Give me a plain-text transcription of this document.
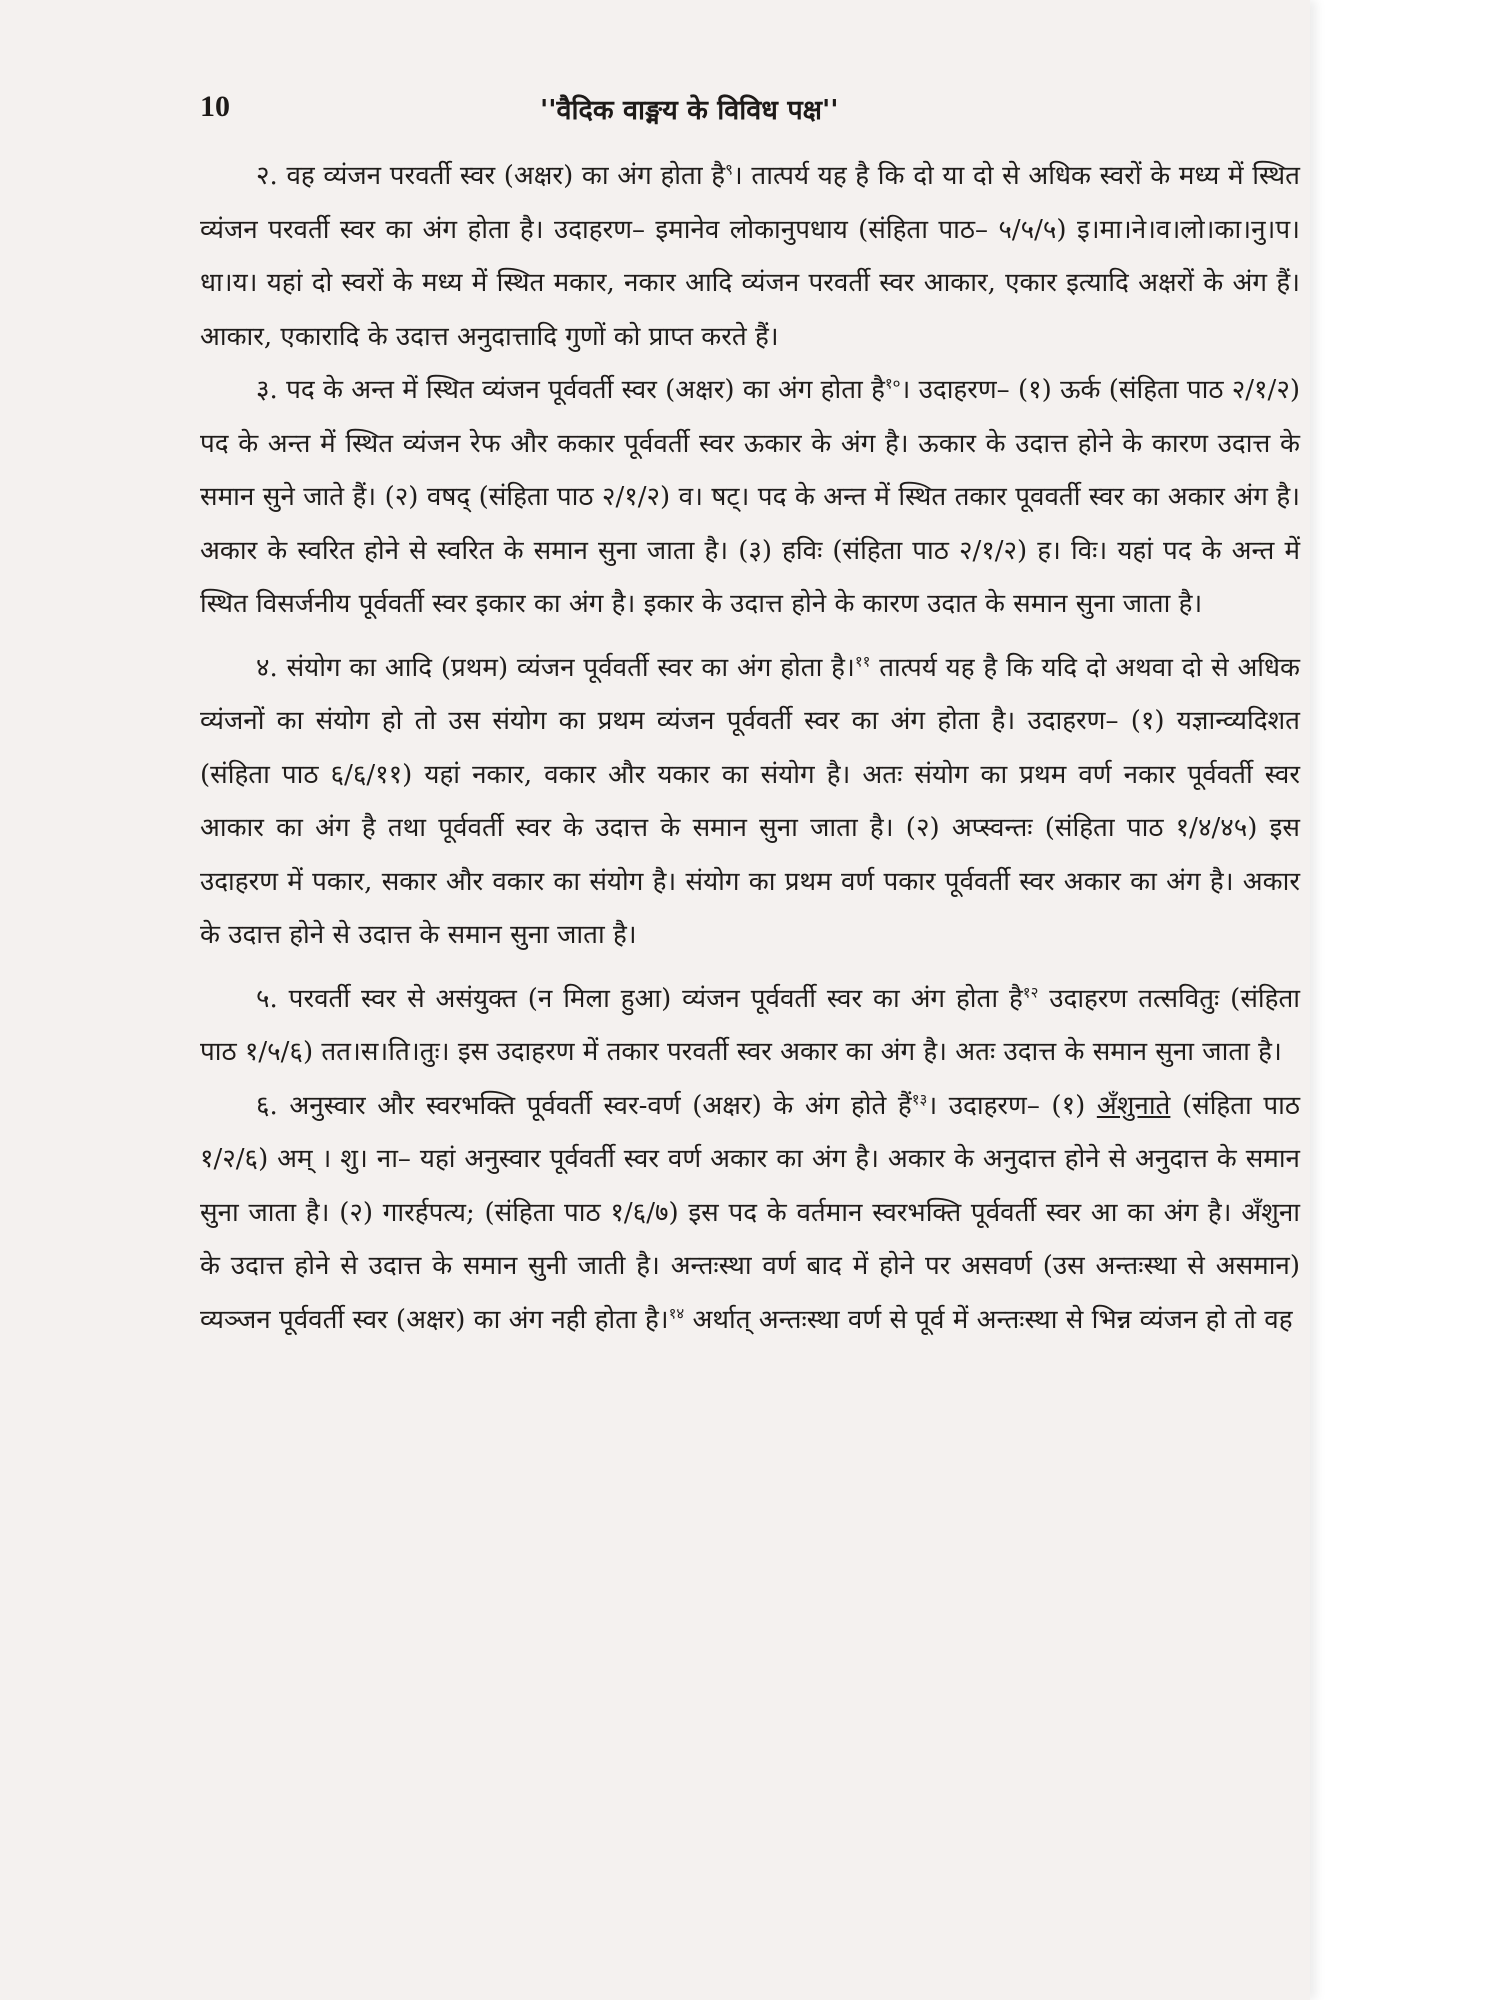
10	''वैदिक वाङ्मय के विविध पक्ष''

२. वह व्यंजन परवर्ती स्वर (अक्षर) का अंग होता है$^९$। तात्पर्य यह है कि दो या दो से अधिक स्वरों के मध्य में स्थित व्यंजन परवर्ती स्वर का अंग होता है। उदाहरण– इमानेव लोकानुपधाय (संहिता पाठ– ५/५/५) इ।मा।ने।व।लो।का।नु।प।धा।य। यहां दो स्वरों के मध्य में स्थित मकार, नकार आदि व्यंजन परवर्ती स्वर आकार, एकार इत्यादि अक्षरों के अंग हैं। आकार, एकारादि के उदात्त अनुदात्तादि गुणों को प्राप्त करते हैं।

३. पद के अन्त में स्थित व्यंजन पूर्ववर्ती स्वर (अक्षर) का अंग होता है$^{१०}$। उदाहरण– (१) ऊर्क (संहिता पाठ २/१/२) पद के अन्त में स्थित व्यंजन रेफ और ककार पूर्ववर्ती स्वर ऊकार के अंग है। ऊकार के उदात्त होने के कारण उदात्त के समान सुने जाते हैं। (२) वषद् (संहिता पाठ २/१/२) व। षट्। पद के अन्त में स्थित तकार पूववर्ती स्वर का अकार अंग है। अकार के स्वरित होने से स्वरित के समान सुना जाता है। (३) हविः (संहिता पाठ २/१/२) ह। विः। यहां पद के अन्त में स्थित विसर्जनीय पूर्ववर्ती स्वर इकार का अंग है। इकार के उदात्त होने के कारण उदात के समान सुना जाता है।

४. संयोग का आदि (प्रथम) व्यंजन पूर्ववर्ती स्वर का अंग होता है।$^{११}$ तात्पर्य यह है कि यदि दो अथवा दो से अधिक व्यंजनों का संयोग हो तो उस संयोग का प्रथम व्यंजन पूर्ववर्ती स्वर का अंग होता है। उदाहरण– (१) यज्ञान्व्यदिशत (संहिता पाठ ६/६/११) यहां नकार, वकार और यकार का संयोग है। अतः संयोग का प्रथम वर्ण नकार पूर्ववर्ती स्वर आकार का अंग है तथा पूर्ववर्ती स्वर के उदात्त के समान सुना जाता है। (२) अप्स्वन्तः (संहिता पाठ १/४/४५) इस उदाहरण में पकार, सकार और वकार का संयोग है। संयोग का प्रथम वर्ण पकार पूर्ववर्ती स्वर अकार का अंग है। अकार के उदात्त होने से उदात्त के समान सुना जाता है।

५. परवर्ती स्वर से असंयुक्त (न मिला हुआ) व्यंजन पूर्ववर्ती स्वर का अंग होता है$^{१२}$ उदाहरण तत्सवितुः (संहिता पाठ १/५/६) तत।स।ति।तुः। इस उदाहरण में तकार परवर्ती स्वर अकार का अंग है। अतः उदात्त के समान सुना जाता है।

६. अनुस्वार और स्वरभक्ति पूर्ववर्ती स्वर-वर्ण (अक्षर) के अंग होते हैं$^{१३}$। उदाहरण– (१) अँशुनाते (संहिता पाठ १/२/६) अम् । शु। ना– यहां अनुस्वार पूर्ववर्ती स्वर वर्ण अकार का अंग है। अकार के अनुदात्त होने से अनुदात्त के समान सुना जाता है। (२) गारर्हपत्य; (संहिता पाठ १/६/७) इस पद के वर्तमान स्वरभक्ति पूर्ववर्ती स्वर आ का अंग है। अँशुना के उदात्त होने से उदात्त के समान सुनी जाती है। अन्तःस्था वर्ण बाद में होने पर असवर्ण (उस अन्तःस्था से असमान) व्यञ्जन पूर्ववर्ती स्वर (अक्षर) का अंग नही होता है।$^{१४}$ अर्थात् अन्तःस्था वर्ण से पूर्व में अन्तःस्था से भिन्न व्यंजन हो तो वह
